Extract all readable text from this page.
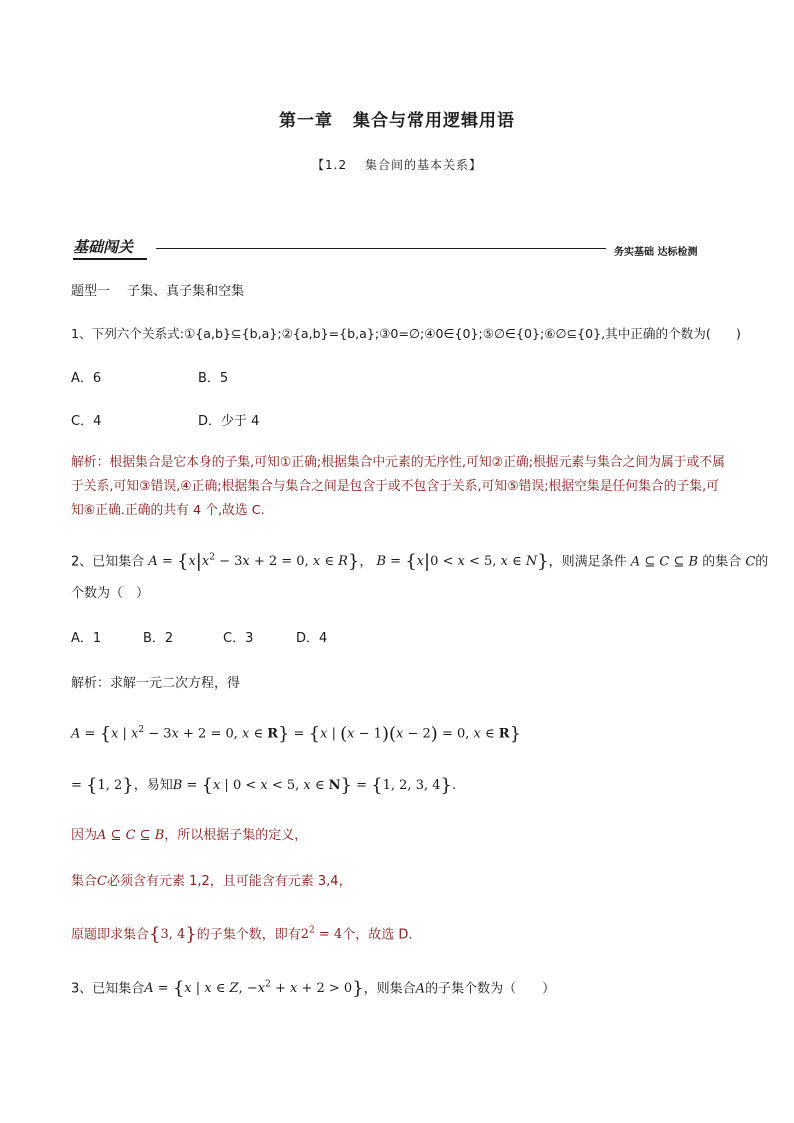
第一章 集合与常用逻辑用语
【1.2　 集合间的基本关系】
基础闯关	务实基础 达标检测
题型一　 子集、真子集和空集
1、下列六个关系式:①{a,b}⊆{b,a};②{a,b}={b,a};③0=∅;④0∈{0};⑤∅∈{0};⑥∅⊆{0},其中正确的个数为(　　)
A．6	B．5
C．4	D．少于 4
解析：根据集合是它本身的子集,可知①正确;根据集合中元素的无序性,可知②正确;根据元素与集合之间为属于或不属于关系,可知③错误,④正确;根据集合与集合之间是包含于或不包含于关系,可知⑤错误;根据空集是任何集合的子集,可知⑥正确.正确的共有 4 个,故选 C.
2、已知集合 $A = \{x|x^2 - 3x + 2 = 0$, x ∈ R}， B = {x|0 < x < 5, x ∈ N}，则满足条件 A ⊆ C ⊆ B 的集合 C的
个数为（　）
A．1	B．2	C．3	D．4
解析：求解一元二次方程，得
A = {x | $x^2 - 3x + 2 = 0$, x ∈ R} = {x | (x − 1)(x − 2) = 0, x ∈ R}
= {1, 2}，易知B = {x | 0 < x < 5, x ∈ N} = {1, 2, 3, 4}.
因为A ⊆ C ⊆ B，所以根据子集的定义，
集合C必须含有元素 1,2，且可能含有元素 3,4，
原题即求集合{3, 4}的子集个数，即有$2^2 = 4$个，故选 D.
3、已知集合A = {x | x ∈ Z, $-x^2 + x + 2 > 0$}，则集合A的子集个数为（　　）
